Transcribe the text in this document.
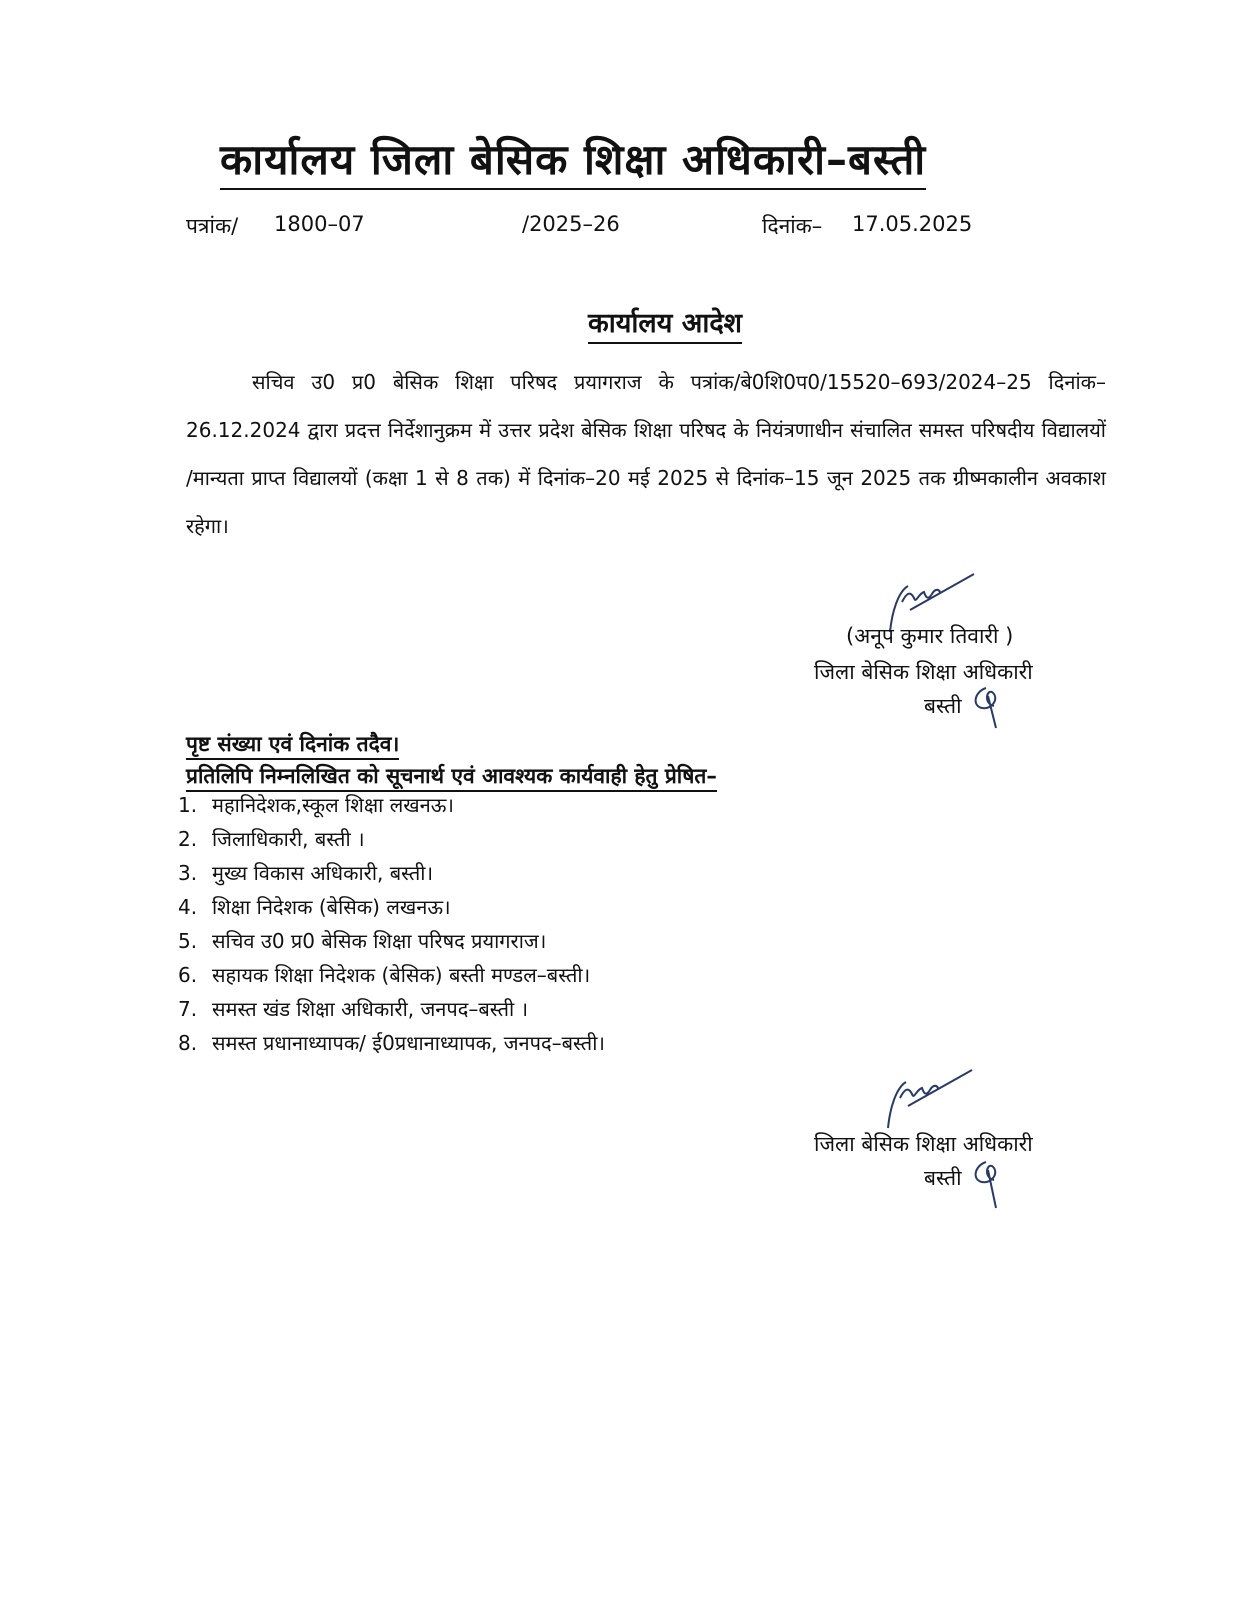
कार्यालय जिला बेसिक शिक्षा अधिकारी–बस्ती
पत्रांक/ 1800–07	/2025–26	दिनांक– 17.05.2025
कार्यालय आदेश
सचिव उ0 प्र0 बेसिक शिक्षा परिषद प्रयागराज के पत्रांक/बे0शि0प0/15520–693/2024–25 दिनांक–26.12.2024 द्वारा प्रदत्त निर्देशानुक्रम में उत्तर प्रदेश बेसिक शिक्षा परिषद के नियंत्रणाधीन संचालित समस्त परिषदीय विद्यालयों /मान्यता प्राप्त विद्यालयों (कक्षा 1 से 8 तक) में दिनांक–20 मई 2025 से दिनांक–15 जून 2025 तक ग्रीष्मकालीन अवकाश रहेगा।
(अनूप कुमार तिवारी )
जिला बेसिक शिक्षा अधिकारी
बस्ती
पृष्ट संख्या एवं दिनांक तदैव।
प्रतिलिपि निम्नलिखित को सूचनार्थ एवं आवश्यक कार्यवाही हेतु प्रेषित–
1. महानिदेशक,स्कूल शिक्षा लखनऊ।
2. जिलाधिकारी, बस्ती ।
3. मुख्य विकास अधिकारी, बस्ती।
4. शिक्षा निदेशक (बेसिक) लखनऊ।
5. सचिव उ0 प्र0 बेसिक शिक्षा परिषद प्रयागराज।
6. सहायक शिक्षा निदेशक (बेसिक) बस्ती मण्डल–बस्ती।
7. समस्त खंड शिक्षा अधिकारी, जनपद–बस्ती ।
8. समस्त प्रधानाध्यापक/ ई0प्रधानाध्यापक, जनपद–बस्ती।
जिला बेसिक शिक्षा अधिकारी
बस्ती
